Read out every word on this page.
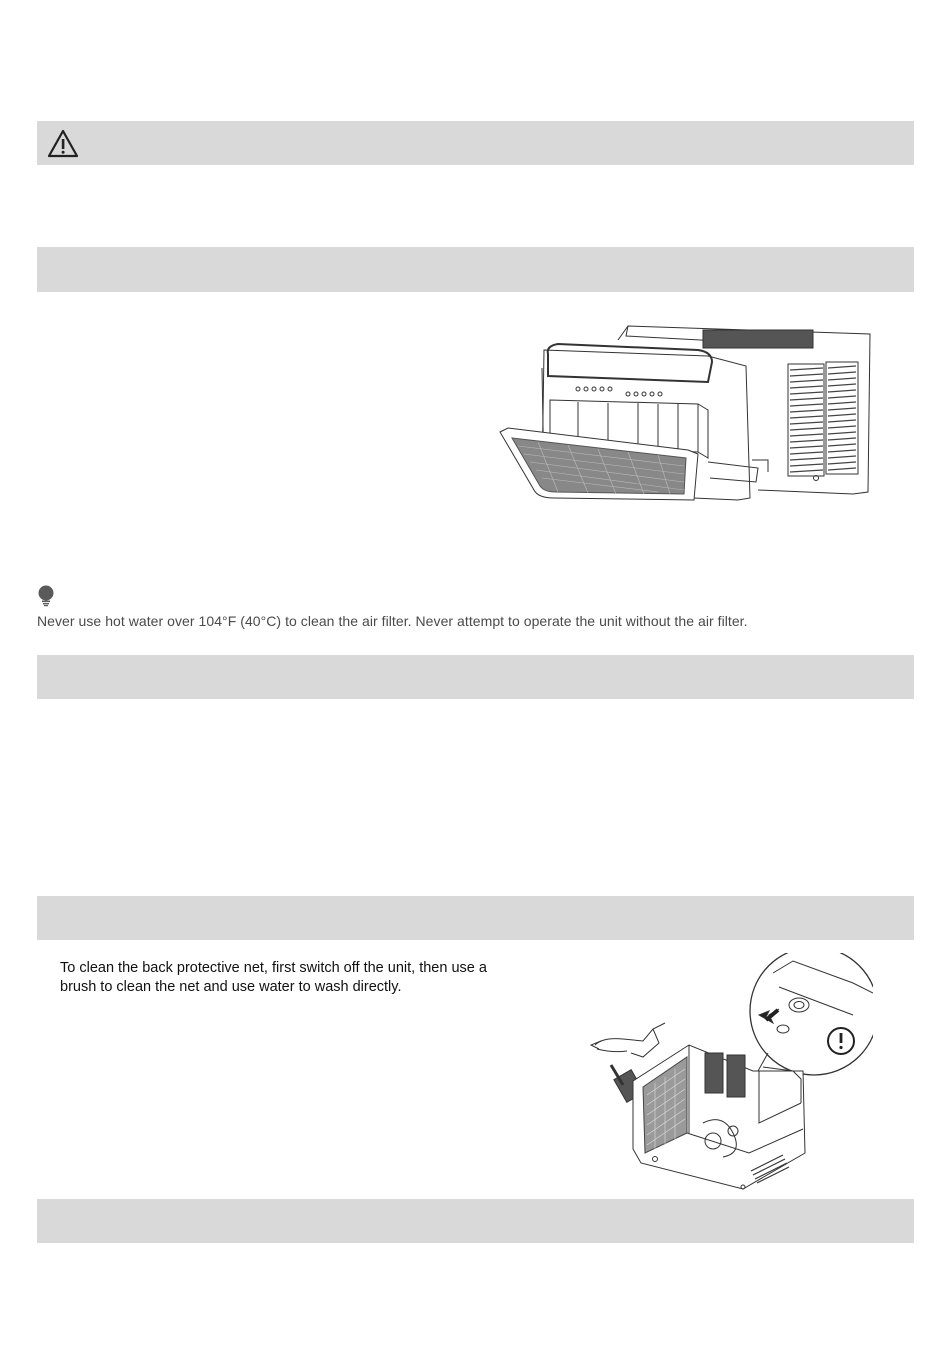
Never use hot water over 104°F (40°C) to clean the air filter. Never attempt to operate the unit without the air filter.
To clean the back protective net, first switch off the unit, then use a brush to clean the net and use water to wash directly.
